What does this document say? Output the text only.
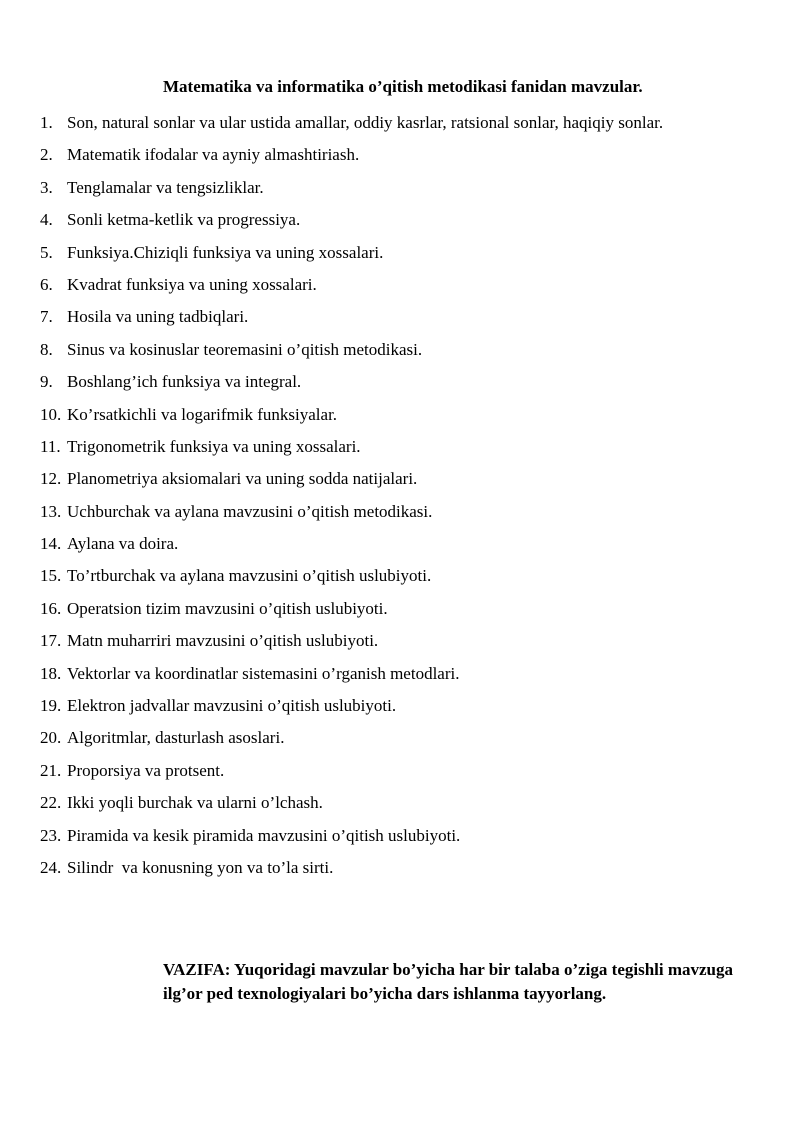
Matematika va informatika o’qitish metodikasi fanidan mavzular.
1. Son, natural sonlar va ular ustida amallar, oddiy kasrlar, ratsional sonlar, haqiqiy sonlar.
2. Matematik ifodalar va ayniy almashtiriash.
3. Tenglamalar va tengsizliklar.
4. Sonli ketma-ketlik va progressiya.
5. Funksiya.Chiziqli funksiya va uning xossalari.
6. Kvadrat funksiya va uning xossalari.
7. Hosila va uning tadbiqlari.
8. Sinus va kosinuslar teoremasini o’qitish metodikasi.
9. Boshlang’ich funksiya va integral.
10. Ko’rsatkichli va logarifmik funksiyalar.
11. Trigonometrik funksiya va uning xossalari.
12. Planometriya aksiomalari va uning sodda natijalari.
13. Uchburchak va aylana mavzusini o’qitish metodikasi.
14. Aylana va doira.
15. To’rtburchak va aylana mavzusini o’qitish uslubiyoti.
16. Operatsion tizim mavzusini o’qitish uslubiyoti.
17. Matn muharriri mavzusini o’qitish uslubiyoti.
18. Vektorlar va koordinatlar sistemasini o’rganish metodlari.
19. Elektron jadvallar mavzusini o’qitish uslubiyoti.
20. Algoritmlar, dasturlash asoslari.
21. Proporsiya va protsent.
22. Ikki yoqli burchak va ularni o’lchash.
23. Piramida va kesik piramida mavzusini o’qitish uslubiyoti.
24. Silindr  va konusning yon va to’la sirti.
VAZIFA: Yuqoridagi mavzular bo’yicha har bir talaba o’ziga tegishli mavzuga ilg’or ped texnologiyalari bo’yicha dars ishlanma tayyorlang.
